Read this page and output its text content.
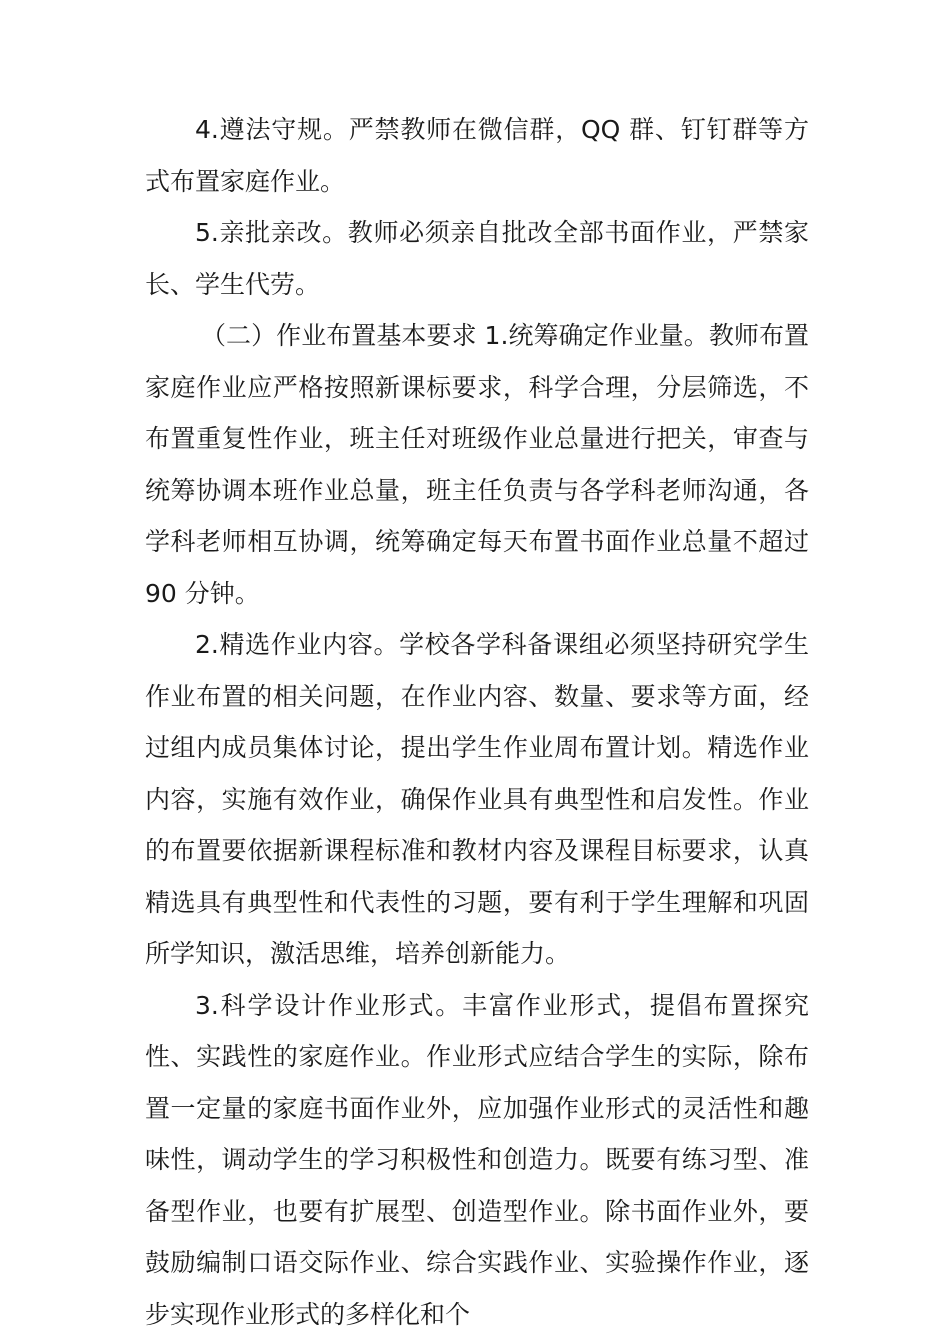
4.遵法守规。严禁教师在微信群，QQ 群、钉钉群等方式布置家庭作业。

5.亲批亲改。教师必须亲自批改全部书面作业，严禁家长、学生代劳。

（二）作业布置基本要求 1.统筹确定作业量。教师布置家庭作业应严格按照新课标要求，科学合理，分层筛选，不布置重复性作业，班主任对班级作业总量进行把关，审查与统筹协调本班作业总量，班主任负责与各学科老师沟通，各学科老师相互协调，统筹确定每天布置书面作业总量不超过 90 分钟。

2.精选作业内容。学校各学科备课组必须坚持研究学生作业布置的相关问题，在作业内容、数量、要求等方面，经过组内成员集体讨论，提出学生作业周布置计划。精选作业内容，实施有效作业，确保作业具有典型性和启发性。作业的布置要依据新课程标准和教材内容及课程目标要求，认真精选具有典型性和代表性的习题，要有利于学生理解和巩固所学知识，激活思维，培养创新能力。

3.科学设计作业形式。丰富作业形式，提倡布置探究性、实践性的家庭作业。作业形式应结合学生的实际，除布置一定量的家庭书面作业外，应加强作业形式的灵活性和趣味性，调动学生的学习积极性和创造力。既要有练习型、准备型作业，也要有扩展型、创造型作业。除书面作业外，要鼓励编制口语交际作业、综合实践作业、实验操作作业，逐步实现作业形式的多样化和个
